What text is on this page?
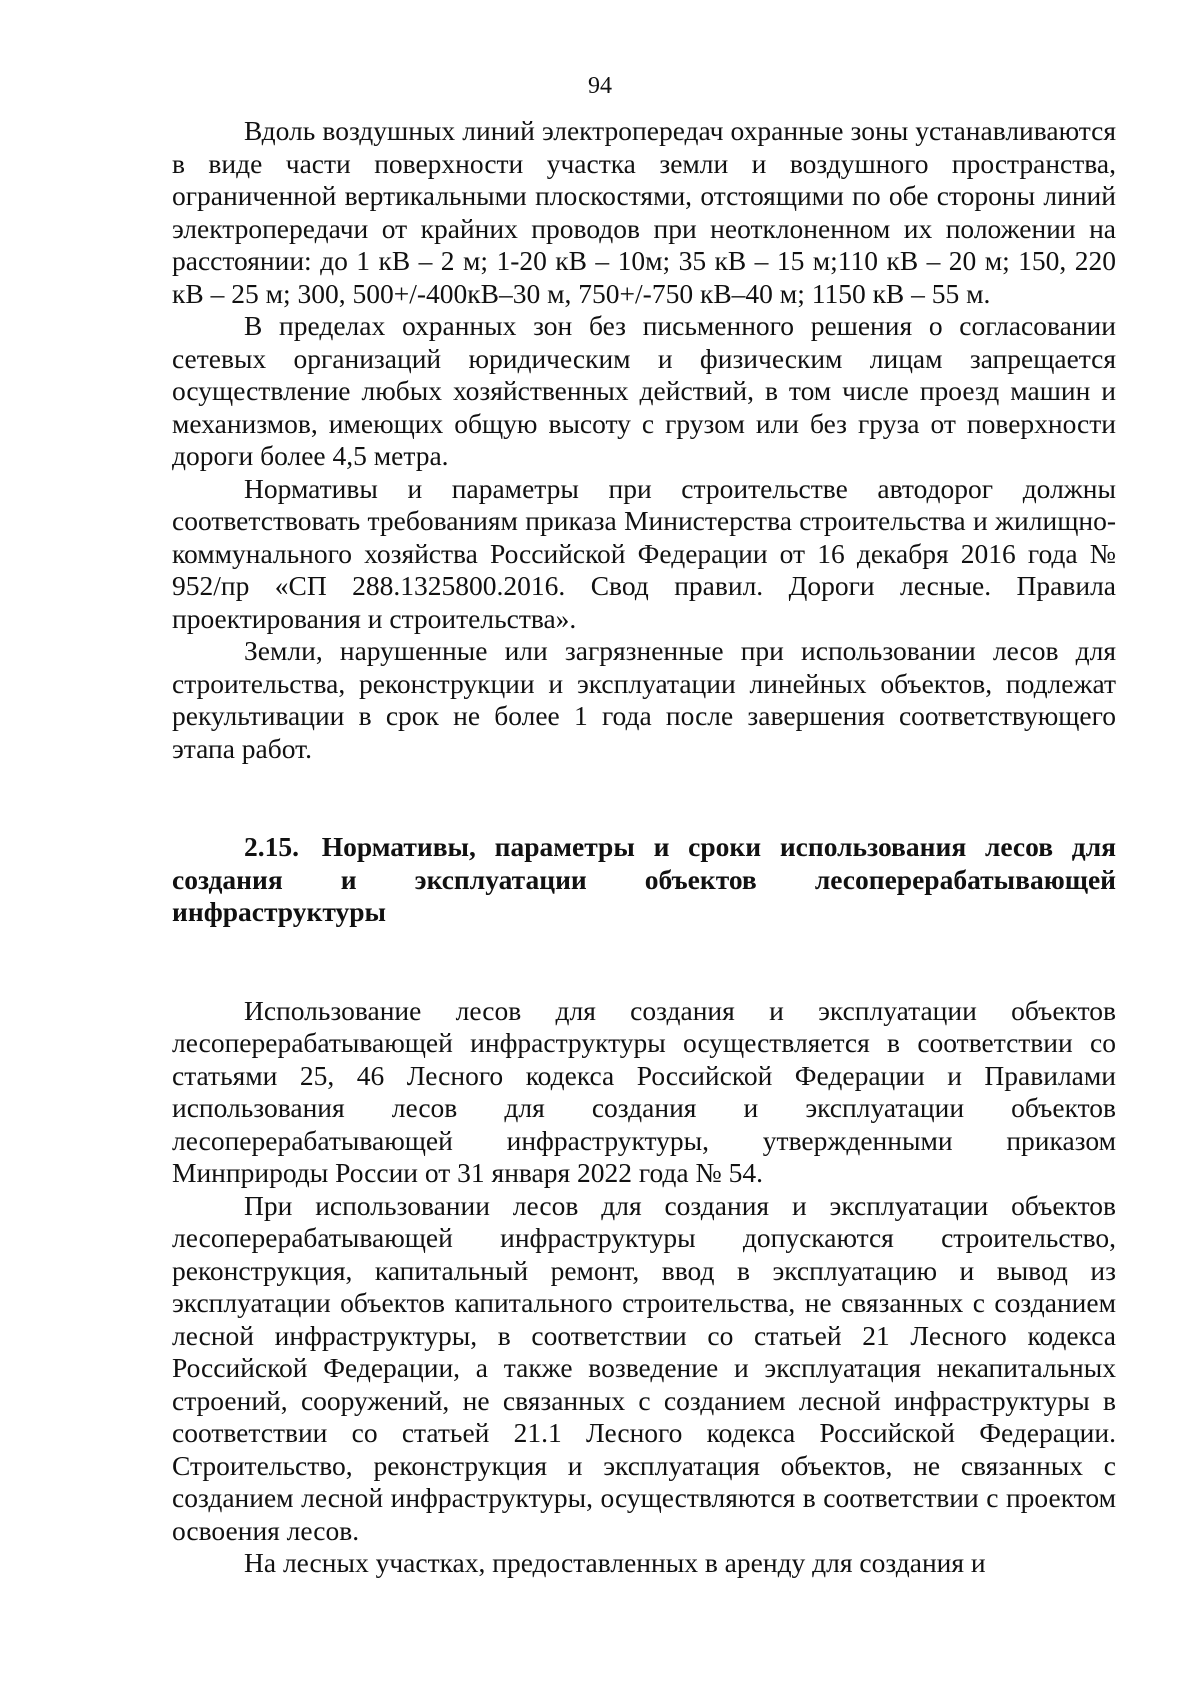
94

Вдоль воздушных линий электропередач охранные зоны устанавливаются в виде части поверхности участка земли и воздушного пространства, ограниченной вертикальными плоскостями, отстоящими по обе стороны линий электропередачи от крайних проводов при неотклоненном их положении на расстоянии: до 1 кВ – 2 м; 1-20 кВ – 10м; 35 кВ – 15 м;110 кВ – 20 м; 150, 220 кВ – 25 м; 300, 500+/-400кВ–30 м, 750+/-750 кВ–40 м; 1150 кВ – 55 м.

В пределах охранных зон без письменного решения о согласовании сетевых организаций юридическим и физическим лицам запрещается осуществление любых хозяйственных действий, в том числе проезд машин и механизмов, имеющих общую высоту с грузом или без груза от поверхности дороги более 4,5 метра.

Нормативы и параметры при строительстве автодорог должны соответствовать требованиям приказа Министерства строительства и жилищно-коммунального хозяйства Российской Федерации от 16 декабря 2016 года № 952/пр «СП 288.1325800.2016. Свод правил. Дороги лесные. Правила проектирования и строительства».

Земли, нарушенные или загрязненные при использовании лесов для строительства, реконструкции и эксплуатации линейных объектов, подлежат рекультивации в срок не более 1 года после завершения соответствующего этапа работ.

2.15. Нормативы, параметры и сроки использования лесов для создания и эксплуатации объектов лесоперерабатывающей инфраструктуры

Использование лесов для создания и эксплуатации объектов лесоперерабатывающей инфраструктуры осуществляется в соответствии со статьями 25, 46 Лесного кодекса Российской Федерации и Правилами использования лесов для создания и эксплуатации объектов лесоперерабатывающей инфраструктуры, утвержденными приказом Минприроды России от 31 января 2022 года № 54.

При использовании лесов для создания и эксплуатации объектов лесоперерабатывающей инфраструктуры допускаются строительство, реконструкция, капитальный ремонт, ввод в эксплуатацию и вывод из эксплуатации объектов капитального строительства, не связанных с созданием лесной инфраструктуры, в соответствии со статьей 21 Лесного кодекса Российской Федерации, а также возведение и эксплуатация некапитальных строений, сооружений, не связанных с созданием лесной инфраструктуры в соответствии со статьей 21.1 Лесного кодекса Российской Федерации. Строительство, реконструкция и эксплуатация объектов, не связанных с созданием лесной инфраструктуры, осуществляются в соответствии с проектом освоения лесов.

На лесных участках, предоставленных в аренду для создания и
